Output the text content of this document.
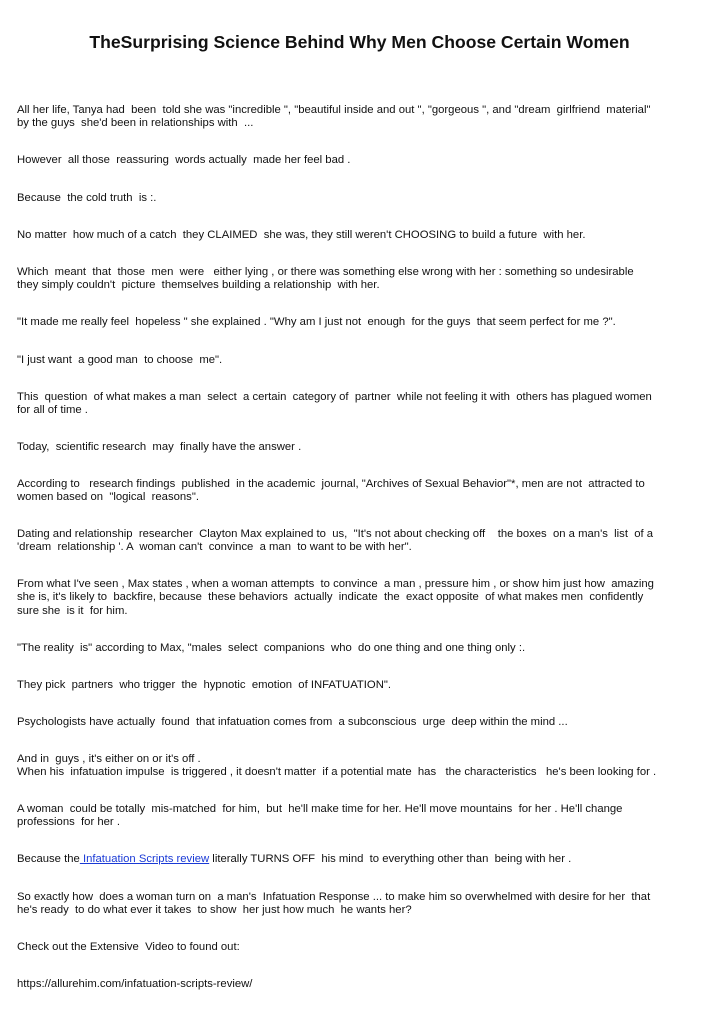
TheSurprising Science Behind Why Men Choose Certain Women

All her life, Tanya had  been  told she was "incredible ", "beautiful inside and out ", "gorgeous ", and "dream  girlfriend  material"
by the guys  she'd been in relationships with  ...

However  all those  reassuring  words actually  made her feel bad .

Because  the cold truth  is :.

No matter  how much of a catch  they CLAIMED  she was, they still weren't CHOOSING to build a future  with her.

Which  meant  that  those  men  were   either lying , or there was something else wrong with her : something so undesirable
they simply couldn't  picture  themselves building a relationship  with her.

"It made me really feel  hopeless " she explained . "Why am I just not  enough  for the guys  that seem perfect for me ?".

"I just want  a good man  to choose  me".

This  question  of what makes a man  select  a certain  category of  partner  while not feeling it with  others has plagued women
for all of time .

Today,  scientific research  may  finally have the answer .

According to   research findings  published  in the academic  journal, "Archives of Sexual Behavior"*, men are not  attracted to
women based on  "logical  reasons".

Dating and relationship  researcher  Clayton Max explained to  us,  "It's not about checking off    the boxes  on a man's  list  of a
'dream  relationship '. A  woman can't  convince  a man  to want to be with her".

From what I've seen , Max states , when a woman attempts  to convince  a man , pressure him , or show him just how  amazing
she is, it's likely to  backfire, because  these behaviors  actually  indicate  the  exact opposite  of what makes men  confidently
sure she  is it  for him.

"The reality  is" according to Max, "males  select  companions  who  do one thing and one thing only :.

They pick  partners  who trigger  the  hypnotic  emotion  of INFATUATION".

Psychologists have actually  found  that infatuation comes from  a subconscious  urge  deep within the mind ...

And in  guys , it's either on or it's off .
When his  infatuation impulse  is triggered , it doesn't matter  if a potential mate  has   the characteristics   he's been looking for .

A woman  could be totally  mis-matched  for him,  but  he'll make time for her. He'll move mountains  for her . He'll change
professions  for her .

Because the Infatuation Scripts review literally TURNS OFF  his mind  to everything other than  being with her .

So exactly how  does a woman turn on  a man's  Infatuation Response ... to make him so overwhelmed with desire for her  that
he's ready  to do what ever it takes  to show  her just how much  he wants her?

Check out the Extensive  Video to found out:

https://allurehim.com/infatuation-scripts-review/
